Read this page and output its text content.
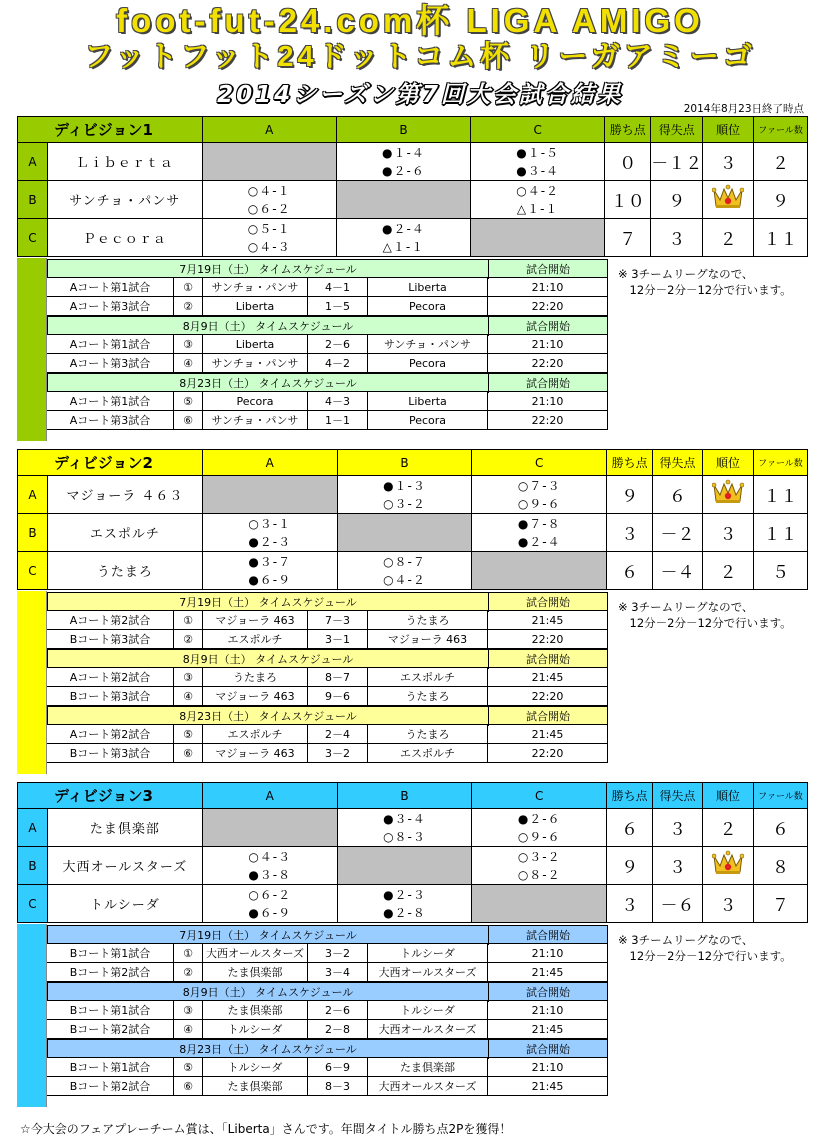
foot-fut-24.com杯 LIGA AMIGO
フットフット24ドットコム杯 リーガアミーゴ
2014シーズン第7回大会試合結果
2014年8月23日終了時点
ディビジョン1		A	B	C	勝ち点	得失点	順位	ファール数
A	Ｌｉｂｅｒｔａ		●１-４	●１-５	０	－１２	３	２
			●２-６	●３-４				
B	サンチョ・パンサ	○４-１		○４-２	１０	９		９
		○６-２		△１-１				
C	Ｐｅｃｏｒａ	○５-１	●２-４		７	３	２	１１
		○４-３	△１-１					
7月19日（土） タイムスケジュール	試合開始
Aコート第1試合	①	サンチョ・パンサ	4－1	Liberta	21:10
Aコート第3試合	②	Liberta	1－5	Pecora	22:20
8月9日（土） タイムスケジュール	試合開始
Aコート第1試合	③	Liberta	2－6	サンチョ・パンサ	21:10
Aコート第3試合	④	サンチョ・パンサ	4－2	Pecora	22:20
8月23日（土） タイムスケジュール	試合開始
Aコート第1試合	⑤	Pecora	4－3	Liberta	21:10
Aコート第3試合	⑥	サンチョ・パンサ	1－1	Pecora	22:20
※ 3チームリーグなので、
　12分－2分－12分で行います。
ディビジョン2		A	B	C	勝ち点	得失点	順位	ファール数
A	マジョーラ ４６３		●１-３	○７-３	９	６		１１
			○３-２	○９-６				
B	エスポルチ	○３-１		●７-８	３	－２	３	１１
		●２-３		●２-４				
C	うたまろ	●３-７	○８-７		６	－４	２	５
		●６-９	○４-２					
7月19日（土） タイムスケジュール	試合開始
Aコート第2試合	①	マジョーラ 463	7－3	うたまろ	21:45
Bコート第3試合	②	エスポルチ	3－1	マジョーラ 463	22:20
8月9日（土） タイムスケジュール	試合開始
Aコート第2試合	③	うたまろ	8－7	エスポルチ	21:45
Bコート第3試合	④	マジョーラ 463	9－6	うたまろ	22:20
8月23日（土） タイムスケジュール	試合開始
Aコート第2試合	⑤	エスポルチ	2－4	うたまろ	21:45
Bコート第3試合	⑥	マジョーラ 463	3－2	エスポルチ	22:20
※ 3チームリーグなので、
　12分－2分－12分で行います。
ディビジョン3		A	B	C	勝ち点	得失点	順位	ファール数
A	たま倶楽部		●３-４	●２-６	６	３	２	６
			○８-３	○９-６				
B	大西オールスターズ	○４-３		○３-２	９	３		８
		●３-８		○８-２				
C	トルシーダ	○６-２	●２-３		３	－６	３	７
		●６-９	●２-８					
7月19日（土） タイムスケジュール	試合開始
Bコート第1試合	①	大西オールスターズ	3－2	トルシーダ	21:10
Bコート第2試合	②	たま倶楽部	3－4	大西オールスターズ	21:45
8月9日（土） タイムスケジュール	試合開始
Bコート第1試合	③	たま倶楽部	2－6	トルシーダ	21:10
Bコート第2試合	④	トルシーダ	2－8	大西オールスターズ	21:45
8月23日（土） タイムスケジュール	試合開始
Bコート第1試合	⑤	トルシーダ	6－9	たま倶楽部	21:10
Bコート第2試合	⑥	たま倶楽部	8－3	大西オールスターズ	21:45
※ 3チームリーグなので、
　12分－2分－12分で行います。
☆今大会のフェアプレーチーム賞は、「Liberta」さんです。年間タイトル勝ち点2Pを獲得！
